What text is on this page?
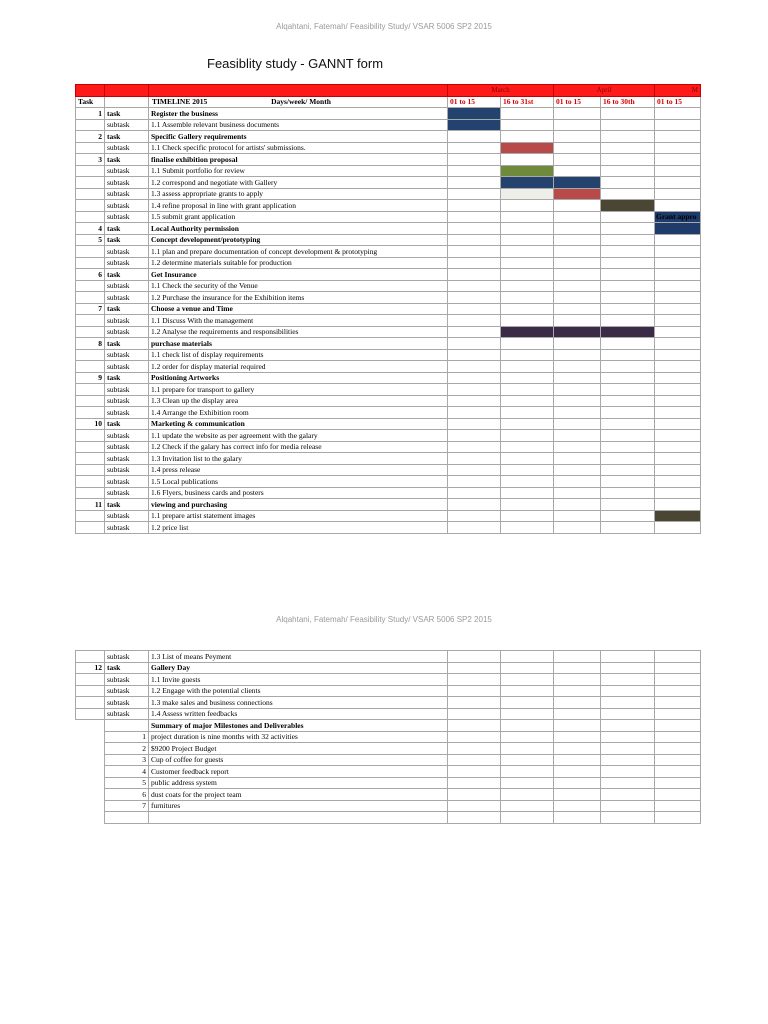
Alqahtani, Fatemah/ Feasibility Study/ VSAR 5006 SP2 2015
Feasiblity study - GANNT form
			March		April		M
Task		TIMELINE 2015 Days/week/ Month	01 to 15	16 to 31st	01 to 15	16 to 30th	01 to 15
1	task	Register the business					
	subtask	1.1 Assemble relevant business documents					
2	task	Specific Gallery requirements					
	subtask	1.1 Check specific protocol for artists' submissions.					
3	task	finalise exhibition proposal					
	subtask	1.1 Submit portfolio for review					
	subtask	1.2 correspond and negotiate with Gallery					
	subtask	1.3 assess appropriate grants to apply					
	subtask	1.4 refine proposal in line with grant application					
	subtask	1.5 submit grant application					Grant appro
4	task	Local Authority permission					
5	task	Concept development/prototyping					
	subtask	1.1 plan and prepare documentation of concept development & prototyping					
	subtask	1.2 determine materials suitable for production					
6	task	Get Insurance					
	subtask	1.1 Check the security of the Venue					
	subtask	1.2 Purchase the insurance for the Exhibition items					
7	task	Choose a venue and Time					
	subtask	1.1 Discuss With the management					
	subtask	1.2 Analyse the requirements and responsibilities					
8	task	purchase materials					
	subtask	1.1 check list of display requirements					
	subtask	1.2 order for display material required					
9	task	Positioning Artworks					
	subtask	1.1 prepare for transport to gallery					
	subtask	1.3 Clean up the display area					
	subtask	1.4 Arrange the Exhibition room					
10	task	Marketing & communication					
	subtask	1.1 update the website as per agreement with the galary					
	subtask	1.2 Check if the galary has correct info for media release					
	subtask	1.3 Invitation list to the galary					
	subtask	1.4 press release					
	subtask	1.5 Local publications					
	subtask	1.6 Flyers, business cards and posters					
11	task	viewing and purchasing					
	subtask	1.1 prepare artist statement images					
	subtask	1.2 price list					
Alqahtani, Fatemah/ Feasibility Study/ VSAR 5006 SP2 2015
	subtask	1.3 List of means Peyment					
12	task	Gallery Day					
	subtask	1.1 Invite guests					
	subtask	1.2 Engage with the potential clients					
	subtask	1.3 make sales and business connections					
	subtask	1.4 Assess written feedbacks					
		Summary of major Milestones and Deliverables					
	1	project duration is nine months with 32 activities					
	2	$9200 Project Budget					
	3	Cup of coffee for guests					
	4	Customer feedback report					
	5	public address system					
	6	dust coats for the project team					
	7	furnitures					
